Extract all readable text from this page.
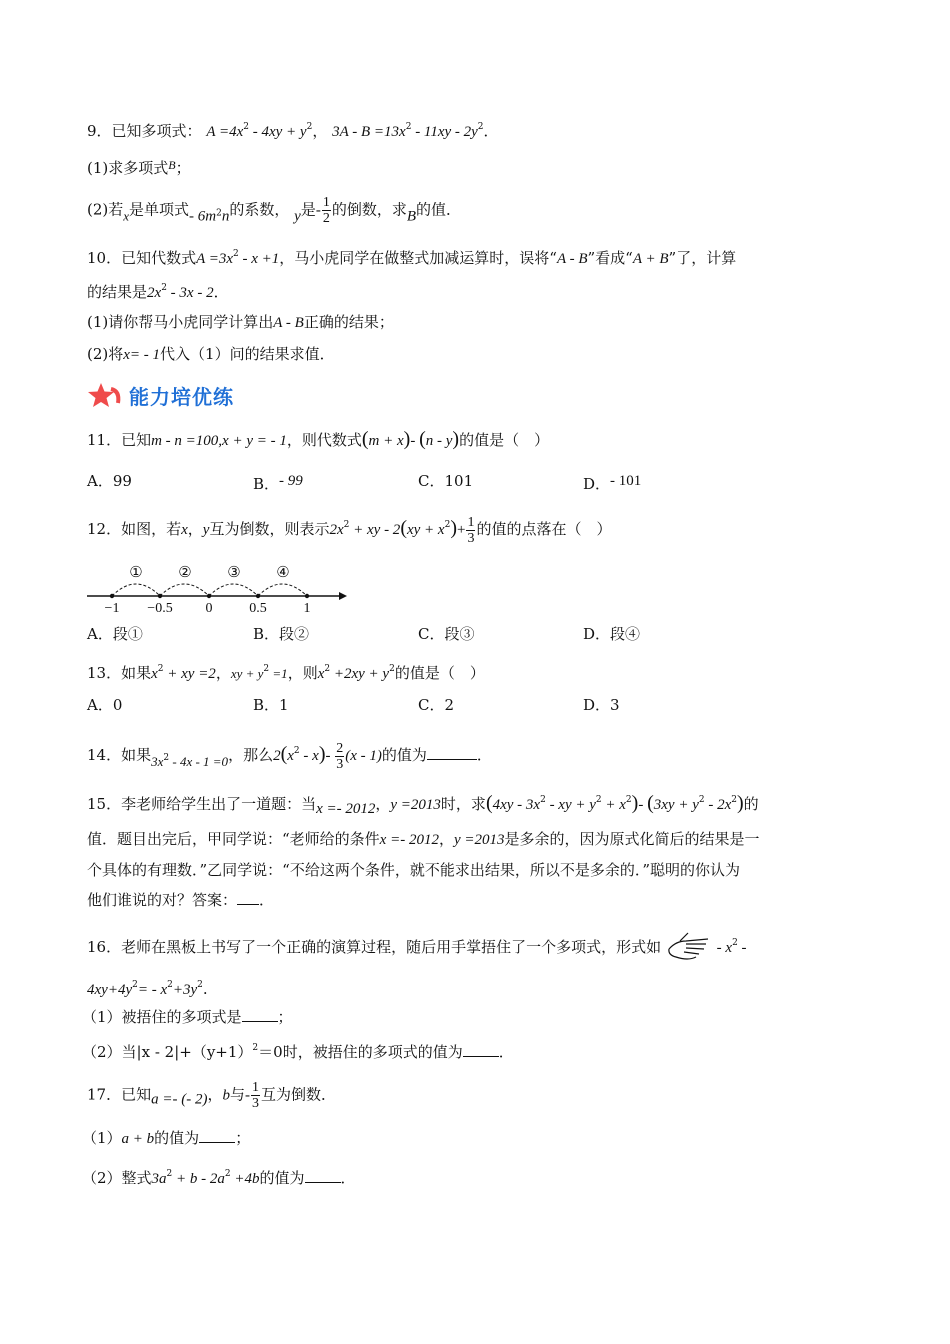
9．已知多项式： $A =4x^2 - 4xy + y^2$， $3A - B =13x^2 - 11xy - 2y^2$．
(1)求多项式$^B$；
(2)若x是单项式- $6m^2n$的系数， y是- $\frac{1}{2}$ 的倒数，求B的值．
10．已知代数式$A =3x^2 - x +1$，马小虎同学在做整式加减运算时，误将“A - B”看成“A + B”了，计算
的结果是$2x^2 - 3x - 2$．
(1)请你帮马小虎同学计算出A - B正确的结果；
(2)将x= - 1代入（1）问的结果求值．
能力培优练
11．已知m - n =100,x + y = - 1，则代数式(m + x)- (n - y)的值是（　）
A．99	B．- 99	C．101	D．- 101
12．如图，若x，y互为倒数，则表示$2x^2$ + xy - $2(xy + x^2)+ \frac{1}{3}$ 的值的点落在（　）
① ② ③ ④
−1 −0.5 0	0.5	1
A．段①	B．段②	C．段③	D．段④
13．如果$x^2$ + xy =2，xy + $y^2 =1$，则$x^2 +2xy + y^2$的值是（　）
A．0	B．1	C．2	D．3
14．如果3x2 - 4x - 1 =0，那么$2(x^2 - x)- \frac{2}{3} (x - 1)$的值为	．
15．李老师给学生出了一道题：当x =- 2012，y =2013时，求($4xy - 3x^2$ - xy + $y^2 + x^2)-$ $(3xy + y^2 - 2x^2)$的
值．题目出完后，甲同学说：“老师给的条件x =- 2012，y =2013是多余的，因为原式化简后的结果是一
个具体的有理数．”乙同学说：“不给这两个条件，就不能求出结果，所以不是多余的．”聪明的你认为
他们谁说的对？答案： ．
16．老师在黑板上书写了一个正确的演算过程，随后用手掌捂住了一个多项式，形式如	- $x^2$ -
$4xy+4y^2= - x^2+3y^2$.
（1）被捂住的多项式是 ；
（2）当$|x - 2|+(y+1)^2=0$时，被捂住的多项式的值为 ．
17．已知a =- (- 2)，b与- $\frac{1}{3}$ 互为倒数．
（1）a + b的值为 ；
（2）整式$3a^2 + b - 2a^2 +4b$的值为 ．
